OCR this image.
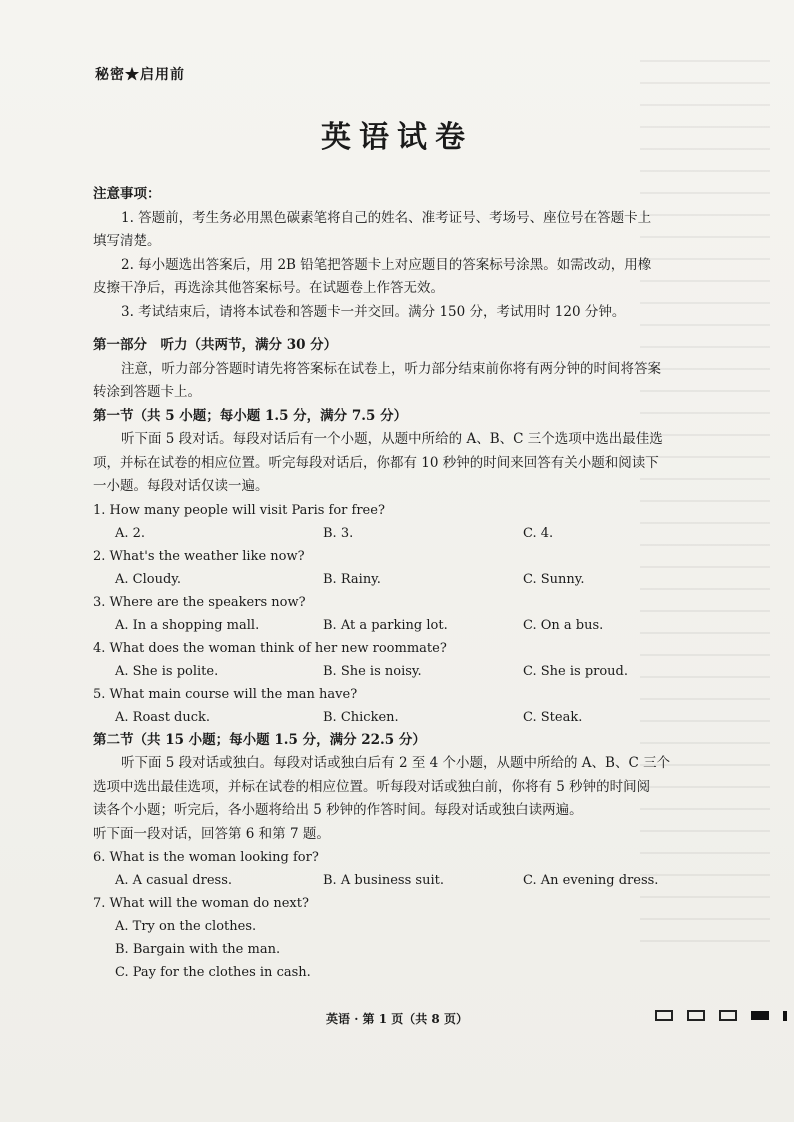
秘密★启用前
英语试卷
注意事项：
1. 答题前，考生务必用黑色碳素笔将自己的姓名、准考证号、考场号、座位号在答题卡上
填写清楚。
2. 每小题选出答案后，用 2B 铅笔把答题卡上对应题目的答案标号涂黑。如需改动，用橡
皮擦干净后，再选涂其他答案标号。在试题卷上作答无效。
3. 考试结束后，请将本试卷和答题卡一并交回。满分 150 分，考试用时 120 分钟。
第一部分　听力（共两节，满分 30 分）
注意，听力部分答题时请先将答案标在试卷上，听力部分结束前你将有两分钟的时间将答案
转涂到答题卡上。
第一节（共 5 小题；每小题 1.5 分，满分 7.5 分）
听下面 5 段对话。每段对话后有一个小题，从题中所给的 A、B、C 三个选项中选出最佳选
项，并标在试卷的相应位置。听完每段对话后，你都有 10 秒钟的时间来回答有关小题和阅读下
一小题。每段对话仅读一遍。
1. How many people will visit Paris for free?
A. 2.	B. 3.	C. 4.
2. What's the weather like now?
A. Cloudy.	B. Rainy.	C. Sunny.
3. Where are the speakers now?
A. In a shopping mall.	B. At a parking lot.	C. On a bus.
4. What does the woman think of her new roommate?
A. She is polite.	B. She is noisy.	C. She is proud.
5. What main course will the man have?
A. Roast duck.	B. Chicken.	C. Steak.
第二节（共 15 小题；每小题 1.5 分，满分 22.5 分）
听下面 5 段对话或独白。每段对话或独白后有 2 至 4 个小题，从题中所给的 A、B、C 三个
选项中选出最佳选项，并标在试卷的相应位置。听每段对话或独白前，你将有 5 秒钟的时间阅
读各个小题；听完后，各小题将给出 5 秒钟的作答时间。每段对话或独白读两遍。
听下面一段对话，回答第 6 和第 7 题。
6. What is the woman looking for?
A. A casual dress.	B. A business suit.	C. An evening dress.
7. What will the woman do next?
A. Try on the clothes.
B. Bargain with the man.
C. Pay for the clothes in cash.
英语 · 第 1 页（共 8 页）
